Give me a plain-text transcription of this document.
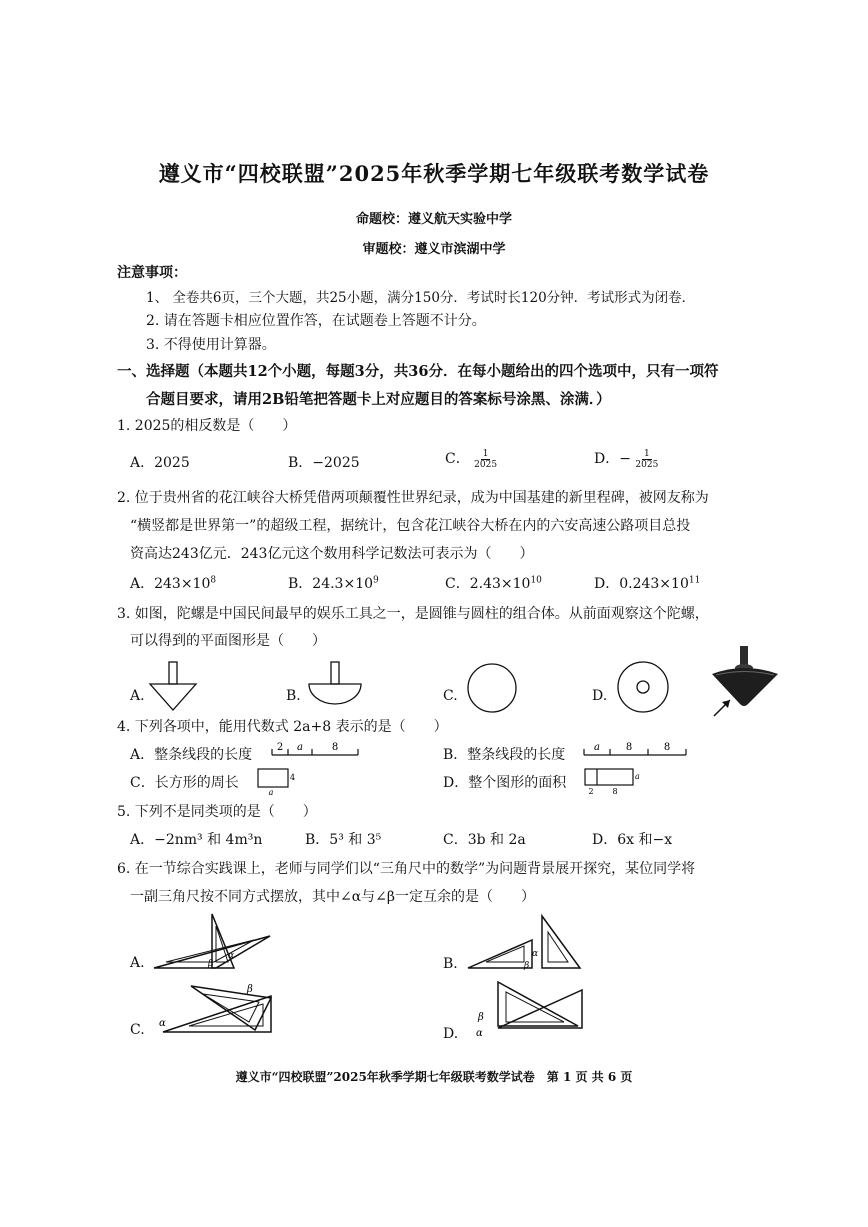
遵义市“四校联盟”2025年秋季学期七年级联考数学试卷
命题校：遵义航天实验中学
审题校：遵义市滨湖中学
注意事项：
1、 全卷共6页，三个大题，共25小题，满分150分．考试时长120分钟．考试形式为闭卷．
2. 请在答题卡相应位置作答，在试题卷上答题不计分。
3. 不得使用计算器。
一、选择题（本题共12个小题，每题3分，共36分．在每小题给出的四个选项中，只有一项符
合题目要求，请用2B铅笔把答题卡上对应题目的答案标号涂黑、涂满．）
1. 2025的相反数是（　　）
A．2025	B．−2025	C． $\frac{1}{2025}$	D．− $\frac{1}{2025}$
2. 位于贵州省的花江峡谷大桥凭借两项颠覆性世界纪录，成为中国基建的新里程碑，被网友称为
“横竖都是世界第一”的超级工程，据统计，包含花江峡谷大桥在内的六安高速公路项目总投
资高达243亿元．243亿元这个数用科学记数法可表示为（　　）
A．$243\times 10^8$	B．$24.3\times 10^9$	C．$2.43\times 10^{10}$	D．$0.243\times 10^{11}$
3. 如图，陀螺是中国民间最早的娱乐工具之一，是圆锥与圆柱的组合体。从前面观察这个陀螺，
可以得到的平面图形是（　　）
A.	B.	C.	D.
4. 下列各项中，能用代数式 2a+8 表示的是（　　）
A．整条线段的长度 2 a	8	B．整条线段的长度	a	8	8
C．长方形的周长	4
a
D．整个图形的面积	a
2 8
5. 下列不是同类项的是（　　）
A．−2nm³ 和 4m³n	B．5³ 和 3⁵	C．3b 和 2a	D．6x 和−x
6. 在一节综合实践课上，老师与同学们以“三角尺中的数学”为问题背景展开探究，某位同学将
一副三角尺按不同方式摆放，其中∠α与∠β一定互余的是（　　）
A.	β
α	B.
α
β
C. α
β
D.
β
α
遵义市“四校联盟”2025年秋季学期七年级联考数学试卷　第 1 页 共 6 页
